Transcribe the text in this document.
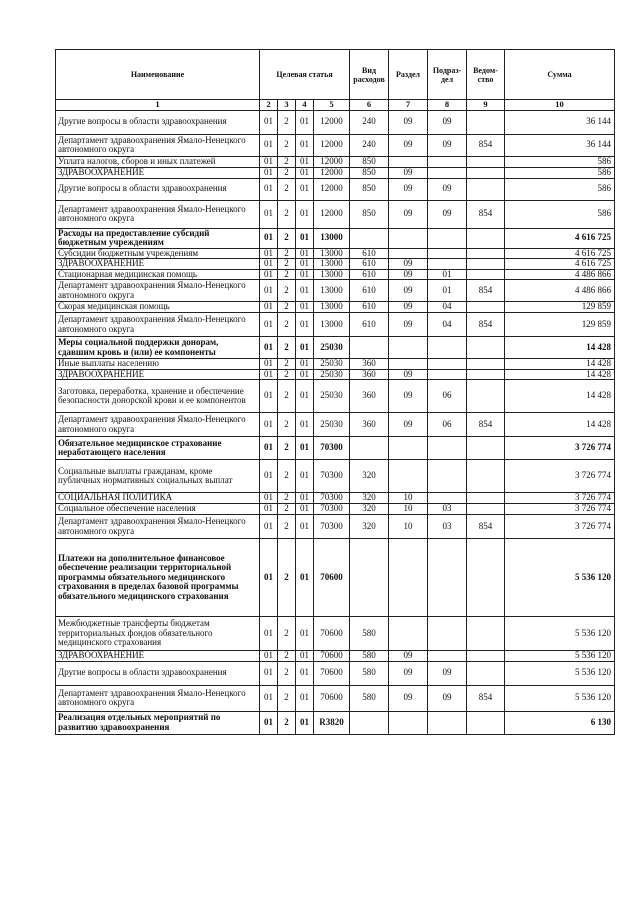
Наименование	Целевая статья				Вид расходов	Раздел	Подраз-дел	Ведом-ство	Сумма
1	2	3	4	5	6	7	8	9	10
Другие вопросы в области здравоохранения	01	2	01	12000	240	09	09		36 144
Департамент здравоохранения Ямало-Ненецкого автономного округа	01	2	01	12000	240	09	09	854	36 144
Уплата налогов, сборов и иных платежей	01	2	01	12000	850				586
ЗДРАВООХРАНЕНИЕ	01	2	01	12000	850	09			586
Другие вопросы в области здравоохранения	01	2	01	12000	850	09	09		586
Департамент здравоохранения Ямало-Ненецкого автономного округа	01	2	01	12000	850	09	09	854	586
Расходы на предоставление субсидий бюджетным учреждениям	01	2	01	13000					4 616 725
Субсидии бюджетным учреждениям	01	2	01	13000	610				4 616 725
ЗДРАВООХРАНЕНИЕ	01	2	01	13000	610	09			4 616 725
Стационарная медицинская помощь	01	2	01	13000	610	09	01		4 486 866
Департамент здравоохранения Ямало-Ненецкого автономного округа	01	2	01	13000	610	09	01	854	4 486 866
Скорая медицинская помощь	01	2	01	13000	610	09	04		129 859
Департамент здравоохранения Ямало-Ненецкого автономного округа	01	2	01	13000	610	09	04	854	129 859
Меры социальной поддержки донорам, сдавшим кровь и (или) ее компоненты	01	2	01	25030					14 428
Иные выплаты населению	01	2	01	25030	360				14 428
ЗДРАВООХРАНЕНИЕ	01	2	01	25030	360	09			14 428
Заготовка, переработка, хранение и обеспечение безопасности донорской крови и ее компонентов	01	2	01	25030	360	09	06		14 428
Департамент здравоохранения Ямало-Ненецкого автономного округа	01	2	01	25030	360	09	06	854	14 428
Обязательное медицинское страхование неработающего населения	01	2	01	70300					3 726 774
Социальные выплаты гражданам, кроме публичных нормативных социальных выплат	01	2	01	70300	320				3 726 774
СОЦИАЛЬНАЯ ПОЛИТИКА	01	2	01	70300	320	10			3 726 774
Социальное обеспечение населения	01	2	01	70300	320	10	03		3 726 774
Департамент здравоохранения Ямало-Ненецкого автономного округа	01	2	01	70300	320	10	03	854	3 726 774
Платежи на дополнительное финансовое обеспечение реализации территориальной программы обязательного медицинского страхования в пределах базовой программы обязательного медицинского страхования	01	2	01	70600					5 536 120
Межбюджетные трансферты бюджетам территориальных фондов обязательного медицинского страхования	01	2	01	70600	580				5 536 120
ЗДРАВООХРАНЕНИЕ	01	2	01	70600	580	09			5 536 120
Другие вопросы в области здравоохранения	01	2	01	70600	580	09	09		5 536 120
Департамент здравоохранения Ямало-Ненецкого автономного округа	01	2	01	70600	580	09	09	854	5 536 120
Реализация отдельных мероприятий по развитию здравоохранения	01	2	01	R3820					6 130
